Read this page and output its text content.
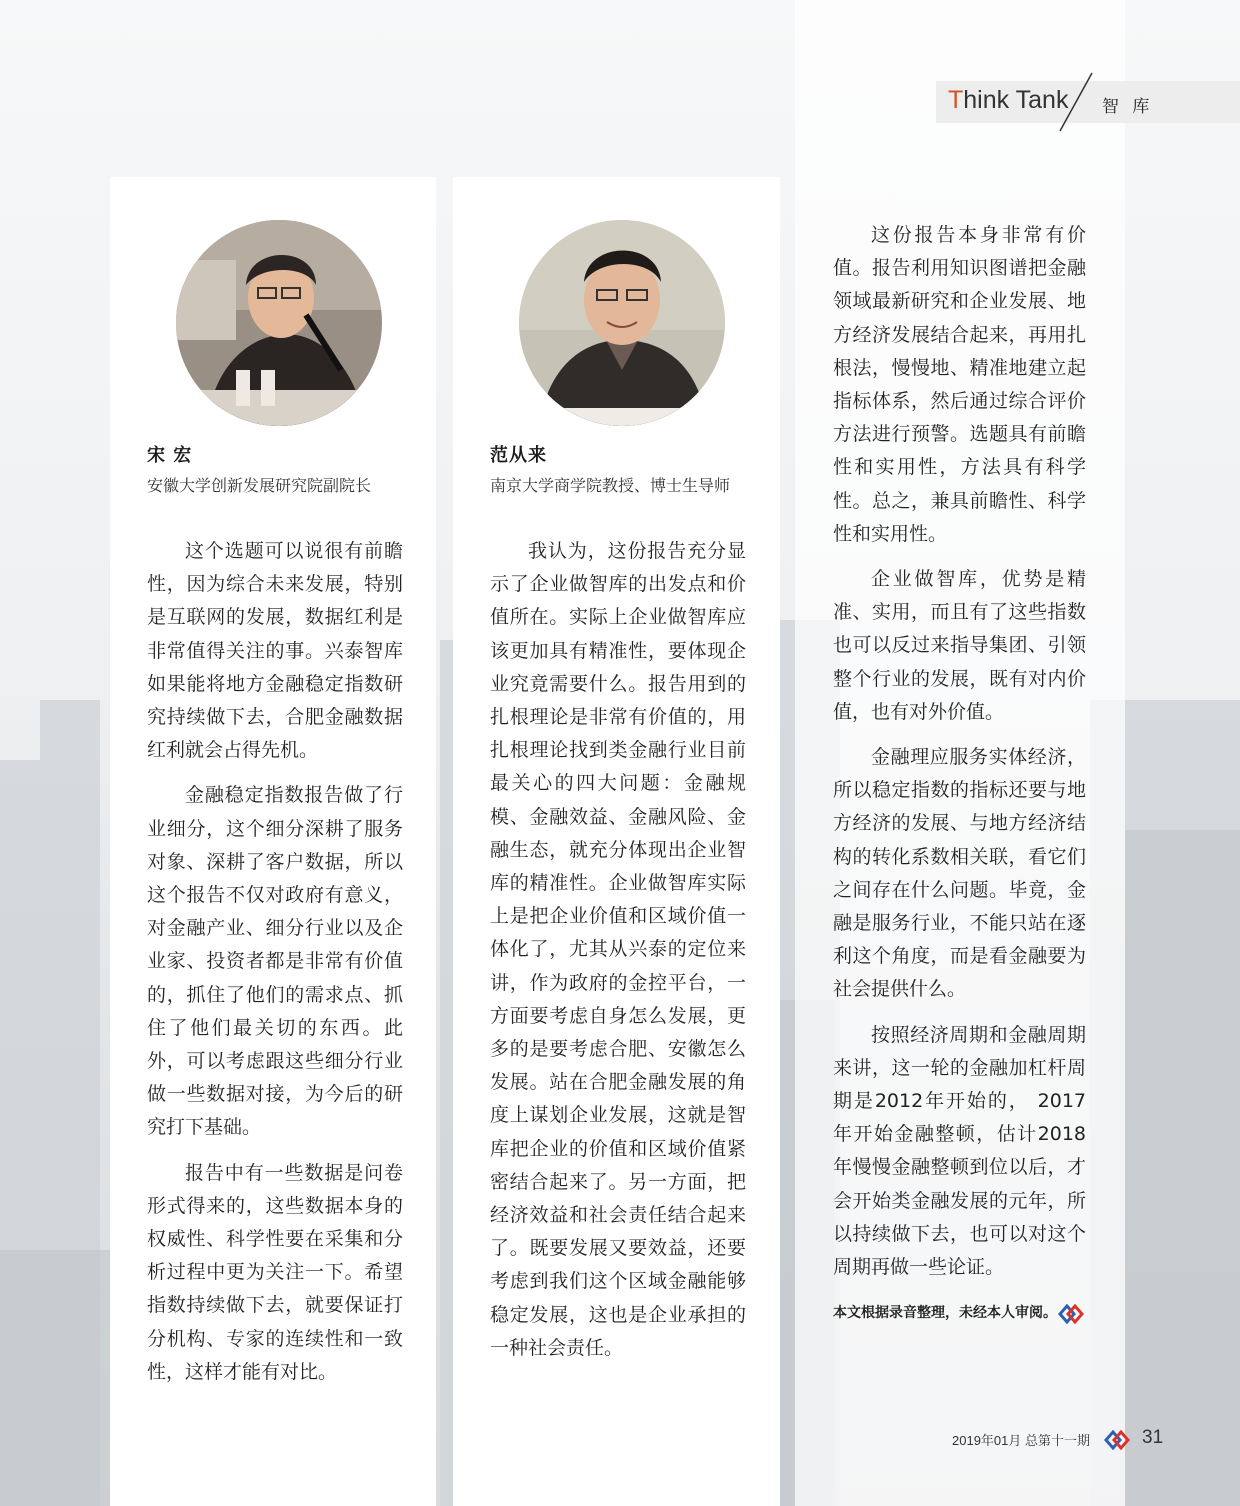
Think Tank 智 库
宋 宏
安徽大学创新发展研究院副院长

这个选题可以说很有前瞻性，因为综合未来发展，特别是互联网的发展，数据红利是非常值得关注的事。兴泰智库如果能将地方金融稳定指数研究持续做下去，合肥金融数据红利就会占得先机。

金融稳定指数报告做了行业细分，这个细分深耕了服务对象、深耕了客户数据，所以这个报告不仅对政府有意义，对金融产业、细分行业以及企业家、投资者都是非常有价值的，抓住了他们的需求点、抓住了他们最关切的东西。此外，可以考虑跟这些细分行业做一些数据对接，为今后的研究打下基础。

报告中有一些数据是问卷形式得来的，这些数据本身的权威性、科学性要在采集和分析过程中更为关注一下。希望指数持续做下去，就要保证打分机构、专家的连续性和一致性，这样才能有对比。

范从来
南京大学商学院教授、博士生导师

我认为，这份报告充分显示了企业做智库的出发点和价值所在。实际上企业做智库应该更加具有精准性，要体现企业究竟需要什么。报告用到的扎根理论是非常有价值的，用扎根理论找到类金融行业目前最关心的四大问题：金融规模、金融效益、金融风险、金融生态，就充分体现出企业智库的精准性。企业做智库实际上是把企业价值和区域价值一体化了，尤其从兴泰的定位来讲，作为政府的金控平台，一方面要考虑自身怎么发展，更多的是要考虑合肥、安徽怎么发展。站在合肥金融发展的角度上谋划企业发展，这就是智库把企业的价值和区域价值紧密结合起来了。另一方面，把经济效益和社会责任结合起来了。既要发展又要效益，还要考虑到我们这个区域金融能够稳定发展，这也是企业承担的一种社会责任。

这份报告本身非常有价值。报告利用知识图谱把金融领域最新研究和企业发展、地方经济发展结合起来，再用扎根法，慢慢地、精准地建立起指标体系，然后通过综合评价方法进行预警。选题具有前瞻性和实用性，方法具有科学性。总之，兼具前瞻性、科学性和实用性。

企业做智库，优势是精准、实用，而且有了这些指数也可以反过来指导集团、引领整个行业的发展，既有对内价值，也有对外价值。

金融理应服务实体经济，所以稳定指数的指标还要与地方经济的发展、与地方经济结构的转化系数相关联，看它们之间存在什么问题。毕竟，金融是服务行业，不能只站在逐利这个角度，而是看金融要为社会提供什么。

按照经济周期和金融周期来讲，这一轮的金融加杠杆周期是2012年开始的， 2017年开始金融整顿，估计2018年慢慢金融整顿到位以后，才会开始类金融发展的元年，所以持续做下去，也可以对这个周期再做一些论证。

本文根据录音整理，未经本人审阅。
2019年01月 总第十一期	31
